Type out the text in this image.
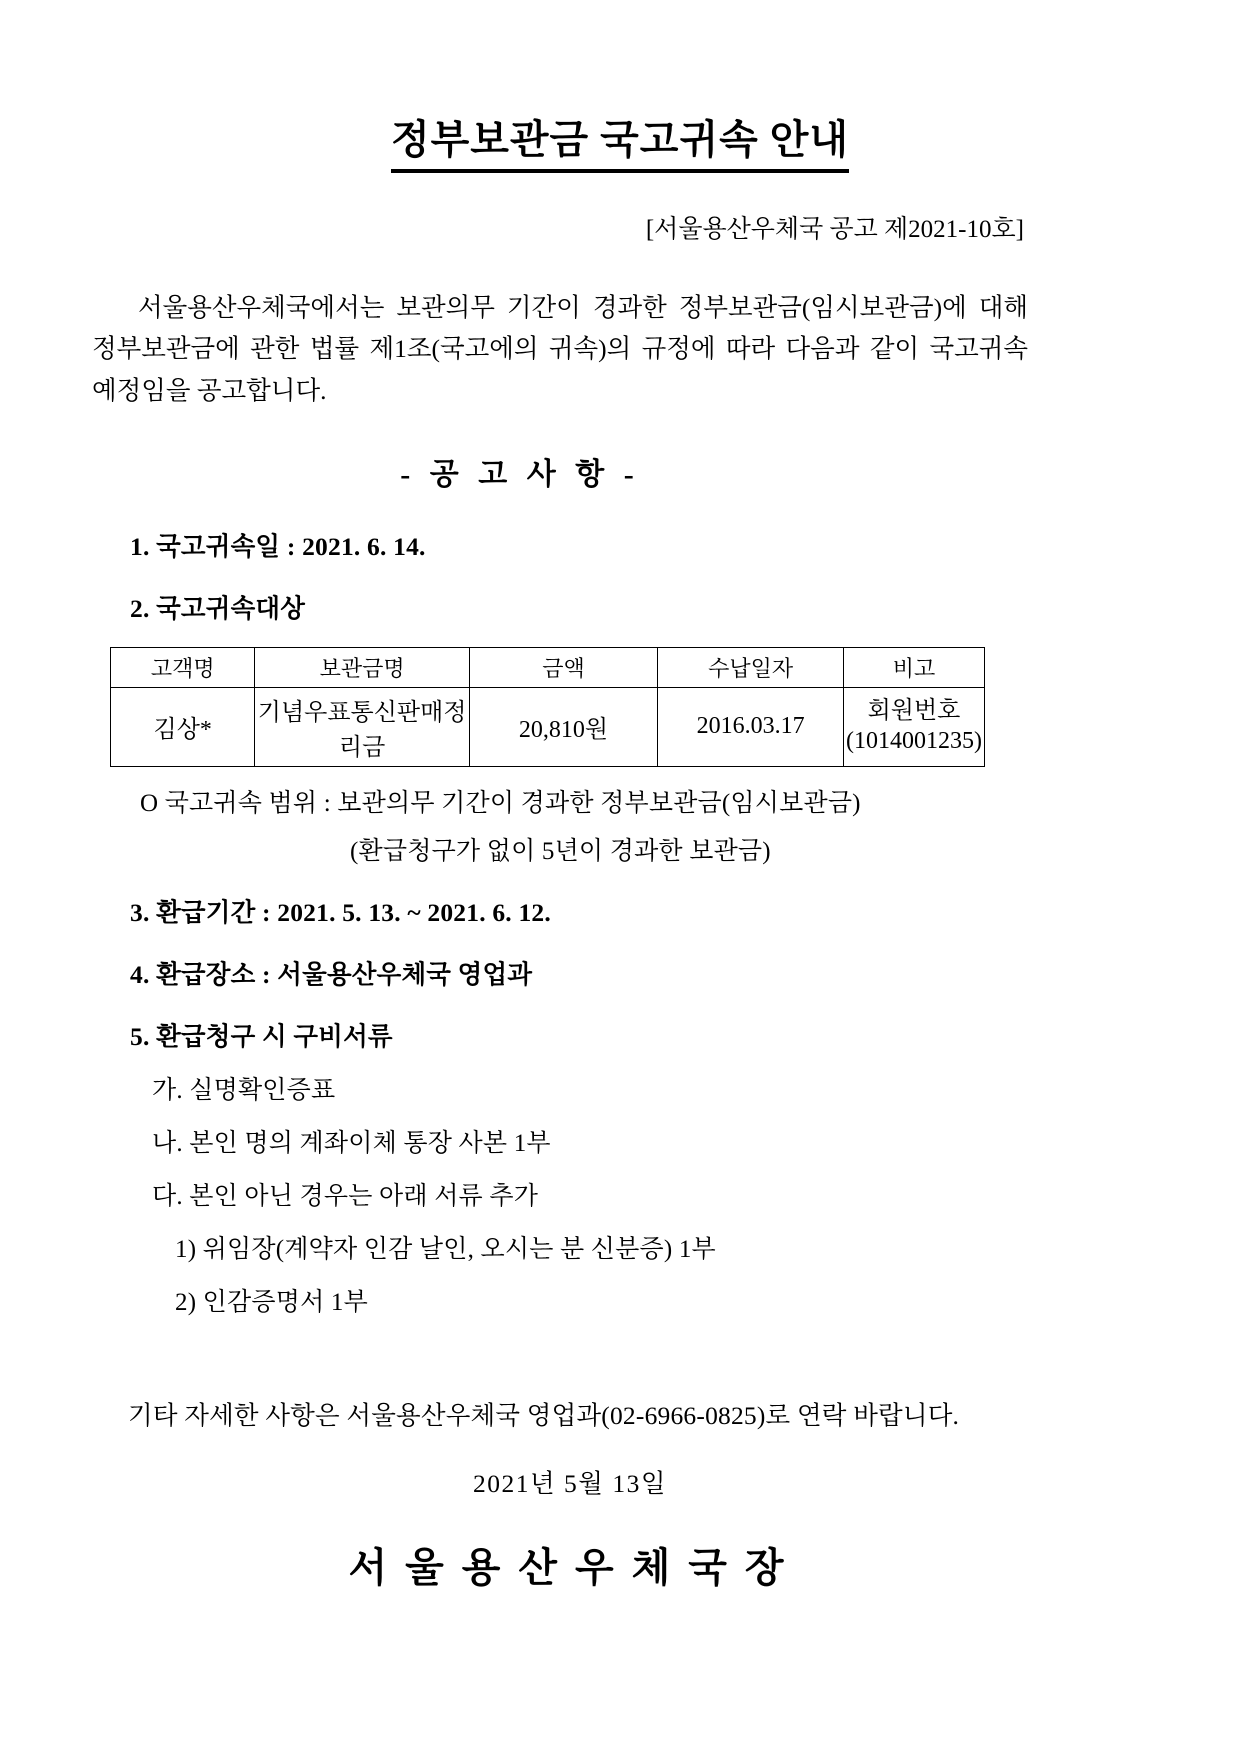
정부보관금 국고귀속 안내
[서울용산우체국 공고 제2021-10호]

서울용산우체국에서는 보관의무 기간이 경과한 정부보관금(임시보관금)에 대해 정부보관금에 관한 법률 제1조(국고에의 귀속)의 규정에 따라 다음과 같이 국고귀속 예정임을 공고합니다.

- 공 고 사 항 -
1. 국고귀속일 : 2021. 6. 14.
2. 국고귀속대상
고객명	보관금명	금액	수납일자	비고
김상*	기념우표통신판매정리금	20,810원	2016.03.17	회원번호
(1014001235)
O 국고귀속 범위 : 보관의무 기간이 경과한 정부보관금(임시보관금)
(환급청구가 없이 5년이 경과한 보관금)
3. 환급기간 : 2021. 5. 13. ~ 2021. 6. 12.
4. 환급장소 : 서울용산우체국 영업과
5. 환급청구 시 구비서류
가. 실명확인증표
나. 본인 명의 계좌이체 통장 사본 1부
다. 본인 아닌 경우는 아래 서류 추가
1) 위임장(계약자 인감 날인, 오시는 분 신분증) 1부
2) 인감증명서 1부
기타 자세한 사항은 서울용산우체국 영업과(02-6966-0825)로 연락 바랍니다.
2021년 5월 13일
서울용산우체국장
